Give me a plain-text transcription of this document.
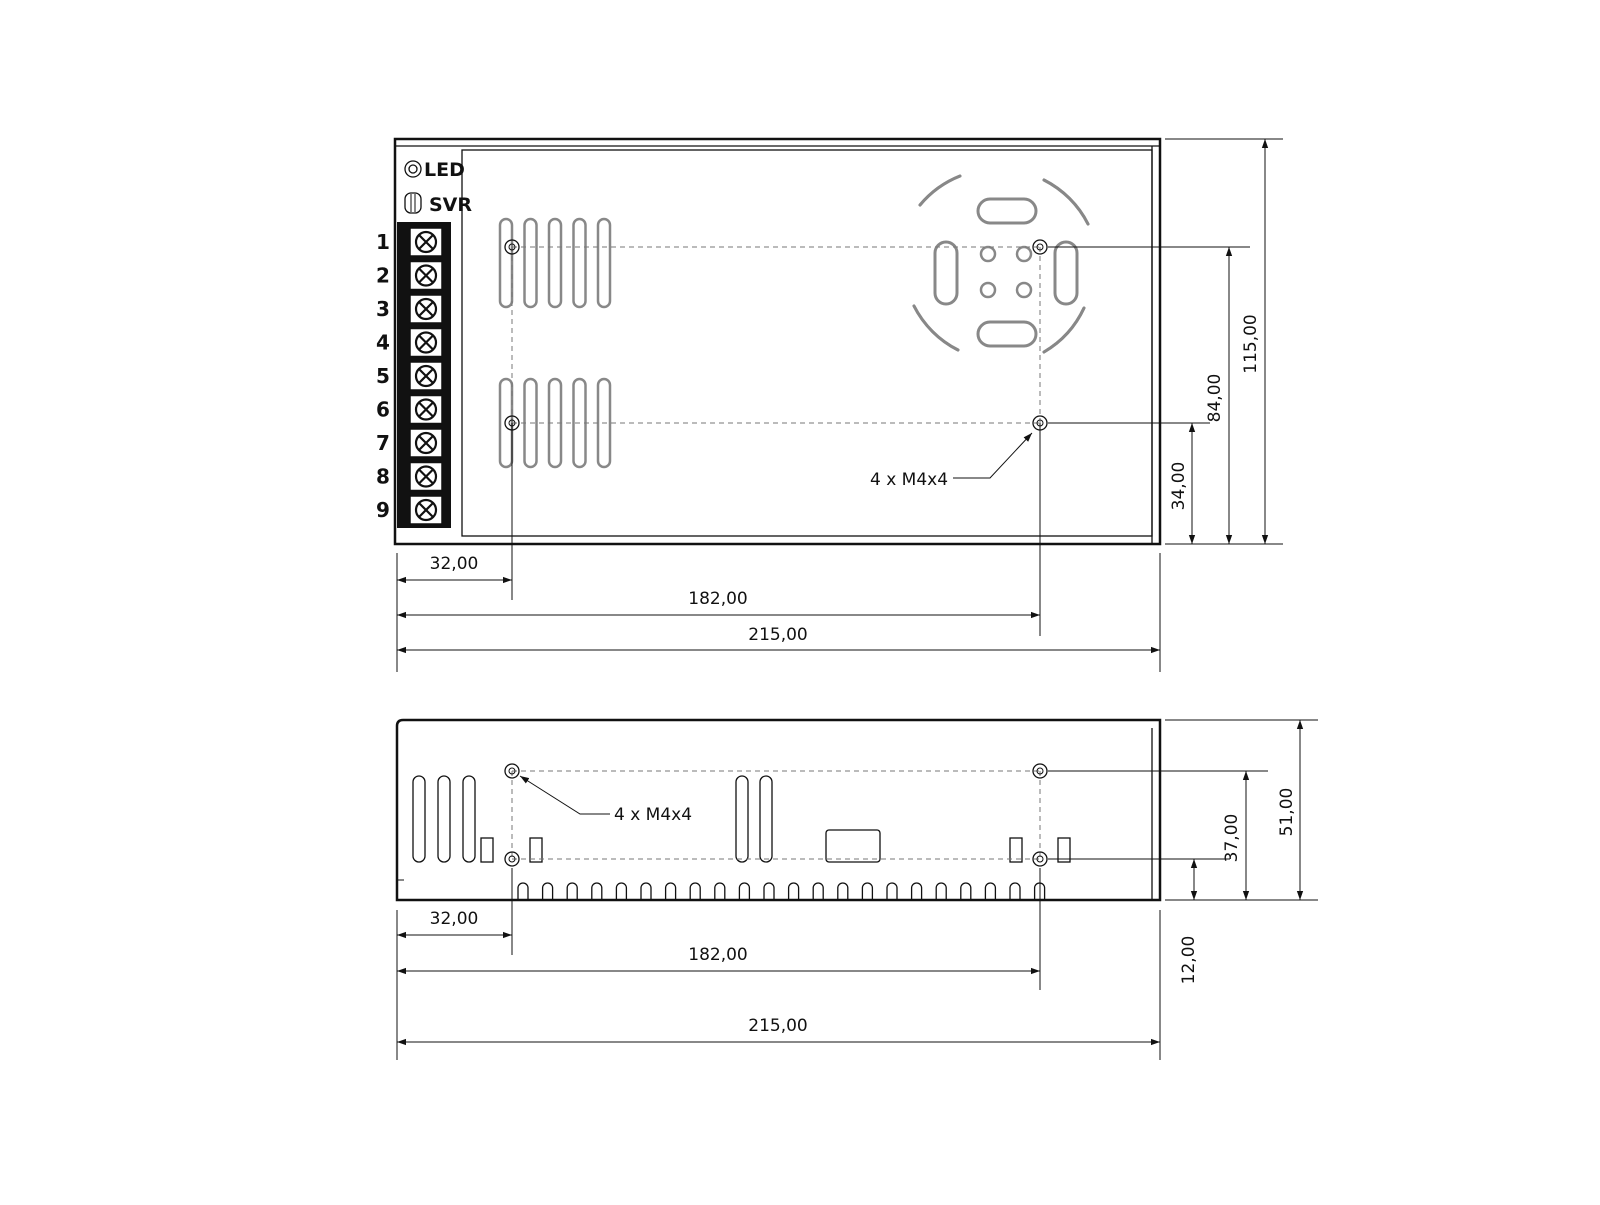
LED
SVR
1
2
3
4
5
6
7
8
9
4 x M4x4
32,00
182,00
215,00
34,00
84,00
115,00
4 x M4x4
32,00
182,00
215,00
12,00
37,00
51,00
